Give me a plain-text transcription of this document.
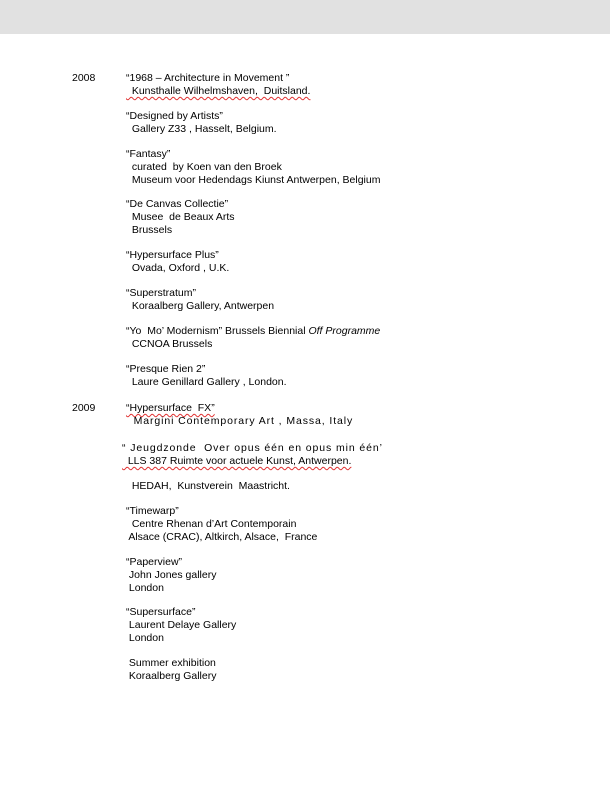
2008
2009
“1968 – Architecture in Movement ”
Kunsthalle Wilhelmshaven,  Duitsland.
“Designed by Artists”
Gallery Z33 , Hasselt, Belgium.
“Fantasy”
curated  by Koen van den Broek
Museum voor Hedendags Kiunst Antwerpen, Belgium
“De Canvas Collectie”
Musee  de Beaux Arts
Brussels
“Hypersurface Plus”
Ovada, Oxford , U.K.
“Superstratum”
Koraalberg Gallery, Antwerpen
“Yo  Mo’ Modernism” Brussels Biennial Off Programme
CCNOA Brussels
“Presque Rien 2”
Laure Genillard Gallery , London.
“Hypersurface  FX”
Margini Contemporary Art , Massa, Italy
“ Jeugdzonde  Over opus één en opus min één’
LLS 387 Ruimte voor actuele Kunst, Antwerpen.
HEDAH,  Kunstverein  Maastricht.
“Timewarp”
Centre Rhenan d’Art Contemporain
Alsace (CRAC), Altkirch, Alsace,  France
“Paperview”
John Jones gallery
London
“Supersurface”
Laurent Delaye Gallery
London
Summer exhibition
Koraalberg Gallery
